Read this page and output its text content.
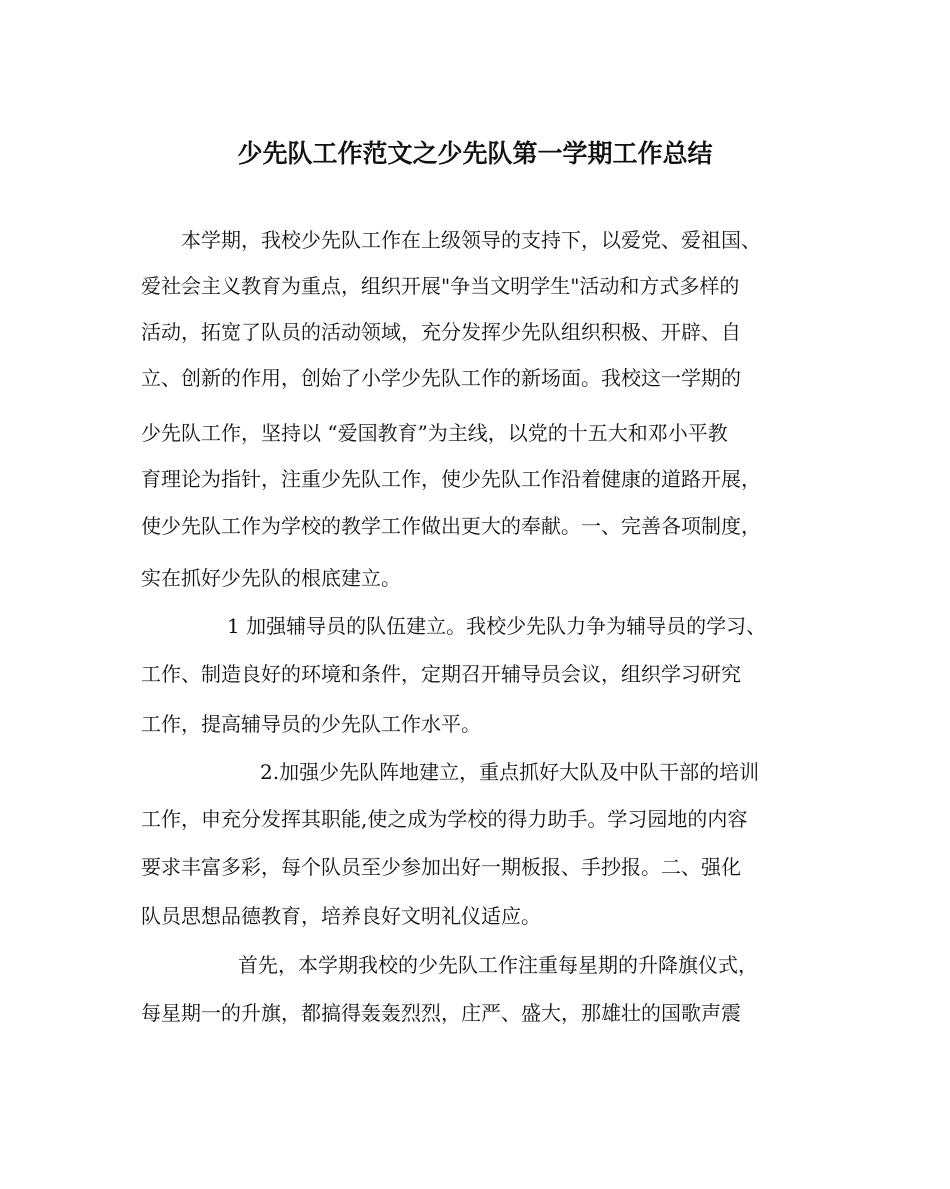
少先队工作范文之少先队第一学期工作总结
本学期，我校少先队工作在上级领导的支持下，以爱党、爱祖国、
爱社会主义教育为重点，组织开展"争当文明学生"活动和方式多样的
活动，拓宽了队员的活动领域，充分发挥少先队组织积极、开辟、自
立、创新的作用，创始了小学少先队工作的新场面。我校这一学期的
少先队工作，坚持以 “爱国教育”为主线，以党的十五大和邓小平教
育理论为指针，注重少先队工作，使少先队工作沿着健康的道路开展，
使少先队工作为学校的教学工作做出更大的奉献。一、完善各项制度，
实在抓好少先队的根底建立。
1 加强辅导员的队伍建立。我校少先队力争为辅导员的学习、
工作、制造良好的环境和条件，定期召开辅导员会议，组织学习研究
工作，提高辅导员的少先队工作水平。
2.加强少先队阵地建立，重点抓好大队及中队干部的培训
工作，申充分发挥其职能,使之成为学校的得力助手。学习园地的内容
要求丰富多彩，每个队员至少参加出好一期板报、手抄报。二、强化
队员思想品德教育，培养良好文明礼仪适应。
首先，本学期我校的少先队工作注重每星期的升降旗仪式，
每星期一的升旗，都搞得轰轰烈烈，庄严、盛大，那雄壮的国歌声震
